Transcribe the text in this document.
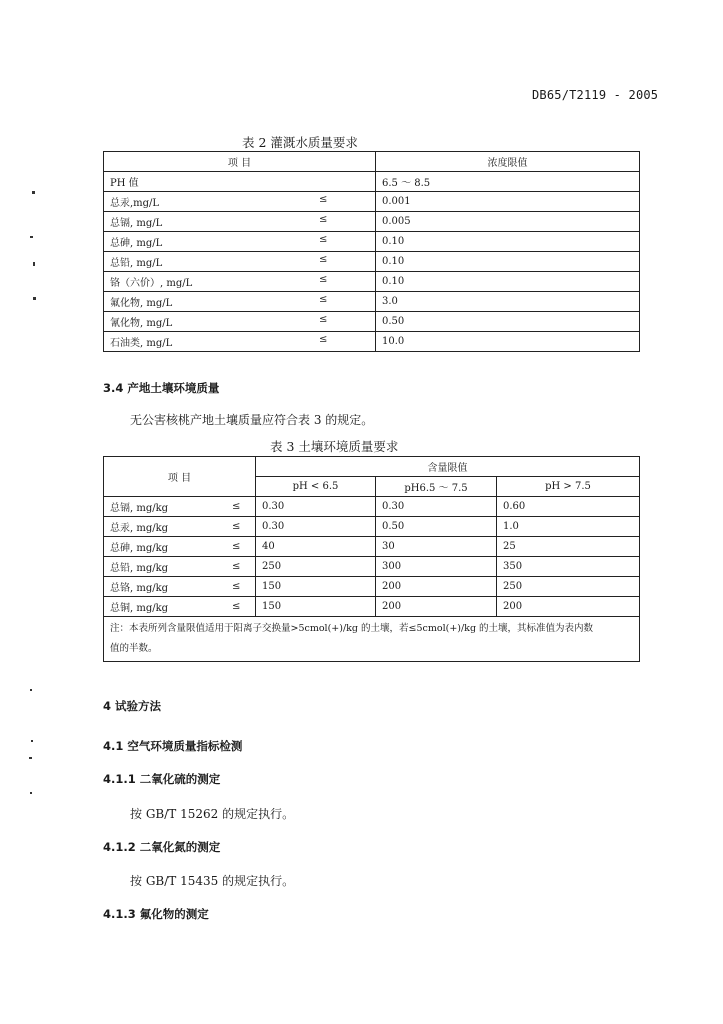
DB65/T2119 - 2005
表 2 灌溉水质量要求
项 目	浓度限值
PH 值	6.5 ～ 8.5
总汞,mg/L ≤	0.001
总镉, mg/L ≤	0.005
总砷, mg/L ≤	0.10
总铅, mg/L ≤	0.10
铬（六价）, mg/L ≤	0.10
氟化物, mg/L ≤	3.0
氰化物, mg/L ≤	0.50
石油类, mg/L ≤	10.0
3.4 产地土壤环境质量
无公害核桃产地土壤质量应符合表 3 的规定。
表 3 土壤环境质量要求
项 目		含量限值		
		pH < 6.5	pH6.5 ～ 7.5	pH > 7.5
总镉, mg/kg	≤	0.30	0.30	0.60
总汞, mg/kg	≤	0.30	0.50	1.0
总砷, mg/kg	≤	40	30	25
总铅, mg/kg	≤	250	300	350
总铬, mg/kg	≤	150	200	250
总铜, mg/kg	≤	150	200	200

注：本表所列含量限值适用于阳离子交换量>5cmol(+)/kg 的土壤，若≤5cmol(+)/kg 的土壤，其标准值为表内数
值的半数。				
4 试验方法
4.1 空气环境质量指标检测
4.1.1 二氧化硫的测定
按 GB/T 15262 的规定执行。
4.1.2 二氧化氮的测定
按 GB/T 15435 的规定执行。
4.1.3 氟化物的测定
